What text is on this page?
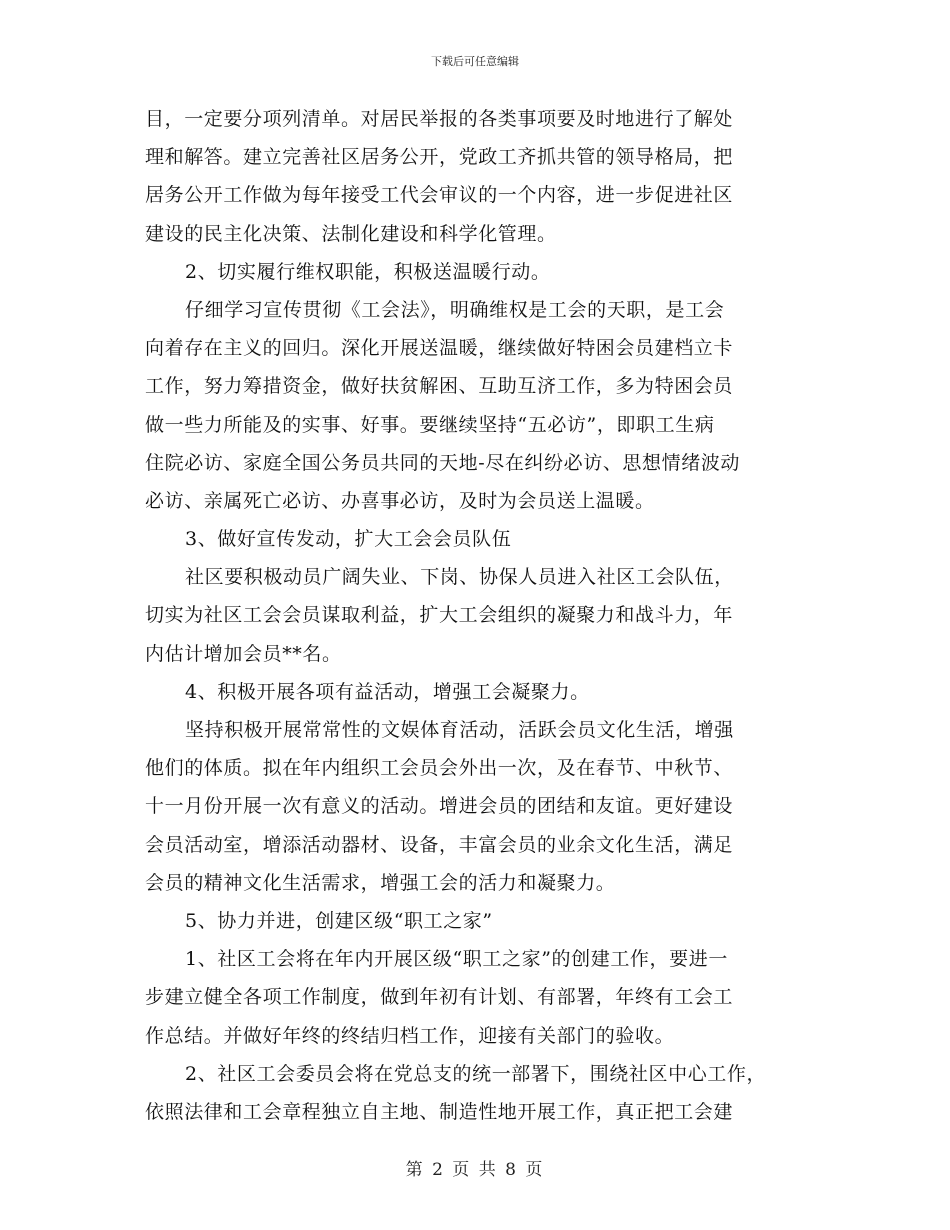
下载后可任意编辑
目，一定要分项列清单。对居民举报的各类事项要及时地进行了解处
理和解答。建立完善社区居务公开，党政工齐抓共管的领导格局，把
居务公开工作做为每年接受工代会审议的一个内容，进一步促进社区
建设的民主化决策、法制化建设和科学化管理。
2、切实履行维权职能，积极送温暖行动。
仔细学习宣传贯彻《工会法》，明确维权是工会的天职，是工会
向着存在主义的回归。深化开展送温暖，继续做好特困会员建档立卡
工作，努力筹措资金，做好扶贫解困、互助互济工作，多为特困会员
做一些力所能及的实事、好事。要继续坚持“五必访”，即职工生病
住院必访、家庭全国公务员共同的天地-尽在纠纷必访、思想情绪波动
必访、亲属死亡必访、办喜事必访，及时为会员送上温暖。
3、做好宣传发动，扩大工会会员队伍
社区要积极动员广阔失业、下岗、协保人员进入社区工会队伍，
切实为社区工会会员谋取利益，扩大工会组织的凝聚力和战斗力，年
内估计增加会员**名。
4、积极开展各项有益活动，增强工会凝聚力。
坚持积极开展常常性的文娱体育活动，活跃会员文化生活，增强
他们的体质。拟在年内组织工会员会外出一次，及在春节、中秋节、
十一月份开展一次有意义的活动。增进会员的团结和友谊。更好建设
会员活动室，增添活动器材、设备，丰富会员的业余文化生活，满足
会员的精神文化生活需求，增强工会的活力和凝聚力。
5、协力并进，创建区级“职工之家”
1、社区工会将在年内开展区级“职工之家”的创建工作，要进一
步建立健全各项工作制度，做到年初有计划、有部署，年终有工会工
作总结。并做好年终的终结归档工作，迎接有关部门的验收。
2、社区工会委员会将在党总支的统一部署下，围绕社区中心工作，
依照法律和工会章程独立自主地、制造性地开展工作，真正把工会建
第 2 页 共 8 页
